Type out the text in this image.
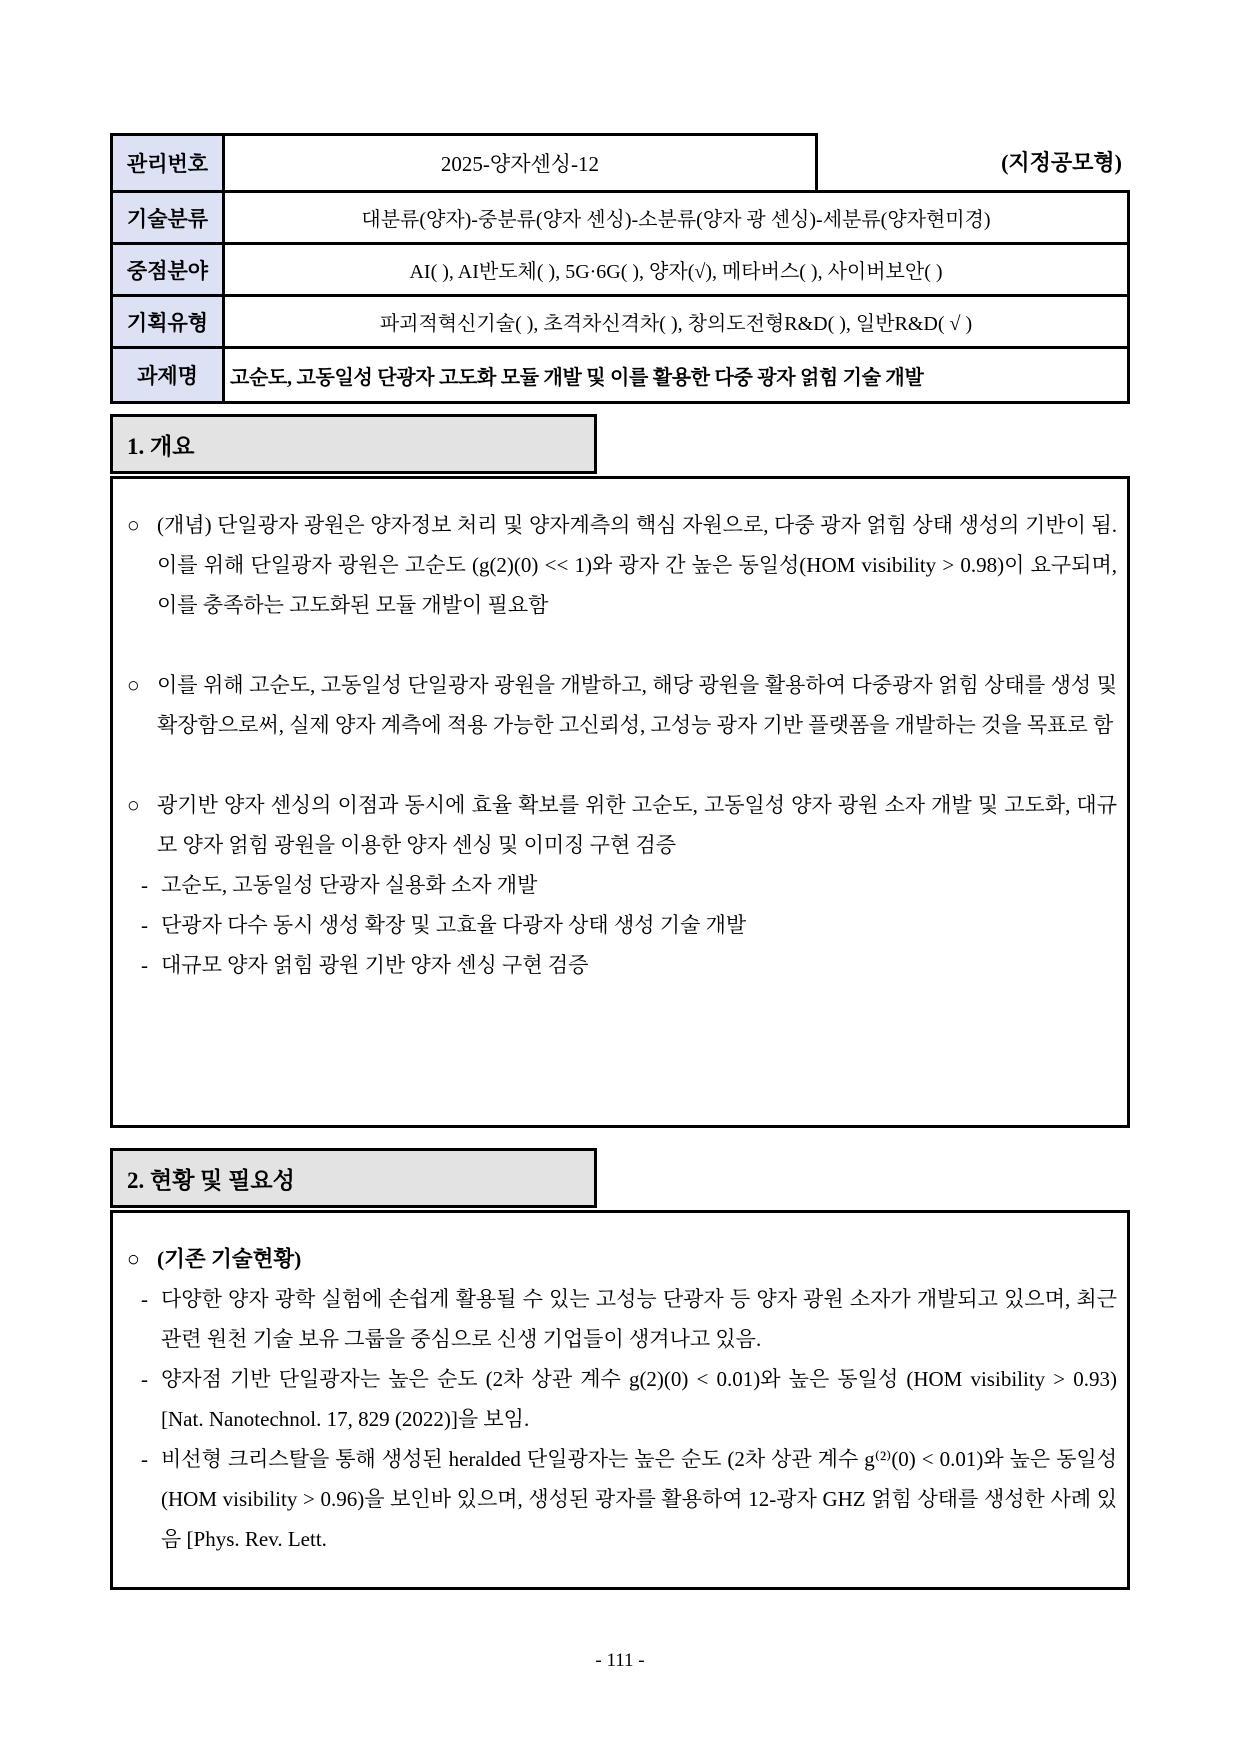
관리번호	2025-양자센싱-12	(지정공모형)
기술분류	대분류(양자)-중분류(양자 센싱)-소분류(양자 광 센싱)-세분류(양자현미경)
중점분야	AI( ), AI반도체( ), 5G·6G( ), 양자(√), 메타버스( ), 사이버보안( )
기획유형	파괴적혁신기술( ), 초격차신격차( ), 창의도전형R&D( ), 일반R&D( √ )
과제명	고순도, 고동일성 단광자 고도화 모듈 개발 및 이를 활용한 다중 광자 얽힘 기술 개발
1. 개요
○ (개념) 단일광자 광원은 양자정보 처리 및 양자계측의 핵심 자원으로, 다중 광자 얽힘 상태 생성의 기반이 됨. 이를 위해 단일광자 광원은 고순도 (g(2)(0) << 1)와 광자 간 높은 동일성(HOM visibility > 0.98)이 요구되며, 이를 충족하는 고도화된 모듈 개발이 필요함
○ 이를 위해 고순도, 고동일성 단일광자 광원을 개발하고, 해당 광원을 활용하여 다중광자 얽힘 상태를 생성 및 확장함으로써, 실제 양자 계측에 적용 가능한 고신뢰성, 고성능 광자 기반 플랫폼을 개발하는 것을 목표로 함
○ 광기반 양자 센싱의 이점과 동시에 효율 확보를 위한 고순도, 고동일성 양자 광원 소자 개발 및 고도화, 대규모 양자 얽힘 광원을 이용한 양자 센싱 및 이미징 구현 검증
- 고순도, 고동일성 단광자 실용화 소자 개발
- 단광자 다수 동시 생성 확장 및 고효율 다광자 상태 생성 기술 개발
- 대규모 양자 얽힘 광원 기반 양자 센싱 구현 검증
2. 현황 및 필요성
○ (기존 기술현황)
- 다양한 양자 광학 실험에 손쉽게 활용될 수 있는 고성능 단광자 등 양자 광원 소자가 개발되고 있으며, 최근 관련 원천 기술 보유 그룹을 중심으로 신생 기업들이 생겨나고 있음.
- 양자점 기반 단일광자는 높은 순도 (2차 상관 계수 g(2)(0) < 0.01)와 높은 동일성 (HOM visibility > 0.93) [Nat. Nanotechnol. 17, 829 (2022)]을 보임.
- 비선형 크리스탈을 통해 생성된 heralded 단일광자는 높은 순도 (2차 상관 계수 g⁽²⁾(0) < 0.01)와 높은 동일성 (HOM visibility > 0.96)을 보인바 있으며, 생성된 광자를 활용하여 12-광자 GHZ 얽힘 상태를 생성한 사례 있음 [Phys. Rev. Lett.
- 111 -
